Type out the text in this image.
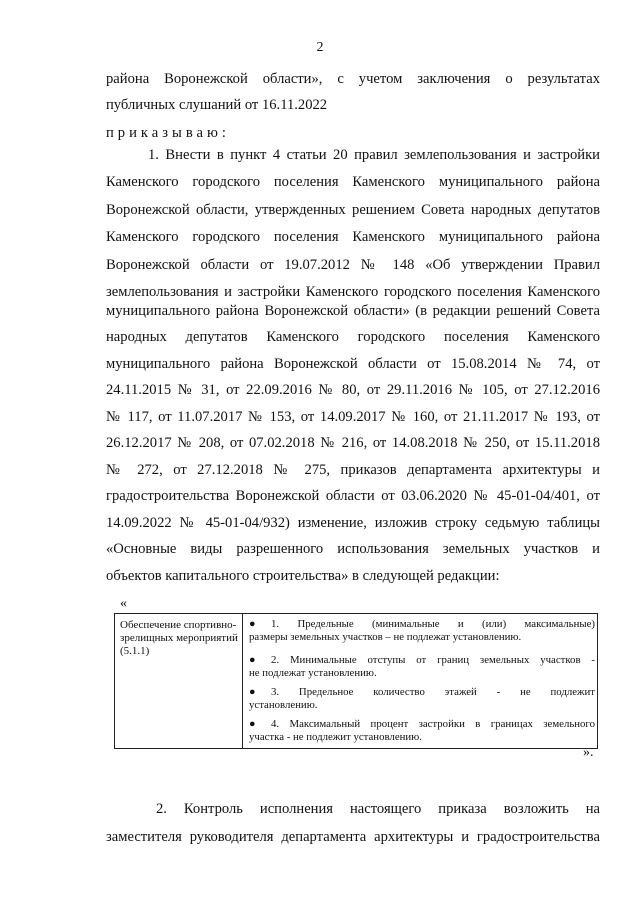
2
района Воронежской области», с учетом заключения о результатах
публичных слушаний от 16.11.2022
приказываю:
1. Внести в пункт 4 статьи 20 правил землепользования и застройки
Каменского городского поселения Каменского муниципального района
Воронежской области, утвержденных решением Совета народных депутатов
Каменского городского поселения Каменского муниципального района
Воронежской области от 19.07.2012 № 148 «Об утверждении Правил
землепользования и застройки Каменского городского поселения Каменского
муниципального района Воронежской области» (в редакции решений Совета
народных депутатов Каменского городского поселения Каменского
муниципального района Воронежской области от 15.08.2014 № 74, от
24.11.2015 № 31, от 22.09.2016 № 80, от 29.11.2016 № 105, от 27.12.2016
№ 117, от 11.07.2017 № 153, от 14.09.2017 № 160, от 21.11.2017 № 193, от
26.12.2017 № 208, от 07.02.2018 № 216, от 14.08.2018 № 250, от 15.11.2018
№ 272, от 27.12.2018 № 275, приказов департамента архитектуры и
градостроительства Воронежской области от 03.06.2020 № 45-01-04/401, от
14.09.2022 № 45-01-04/932) изменение, изложив строку седьмую таблицы
«Основные виды разрешенного использования земельных участков и
объектов капитального строительства» в следующей редакции:
«
Обеспечение спортивно-зрелищных мероприятий (5.1.1)
● 1. Предельные (минимальные и (или) максимальные)
размеры земельных участков – не подлежат установлению.
● 2. Минимальные отступы от границ земельных участков -
не подлежат установлению.
● 3. Предельное количество этажей - не подлежит
установлению.
● 4. Максимальный процент застройки в границах земельного
участка - не подлежит установлению.
».
2. Контроль исполнения настоящего приказа возложить на
заместителя руководителя департамента архитектуры и градостроительства
